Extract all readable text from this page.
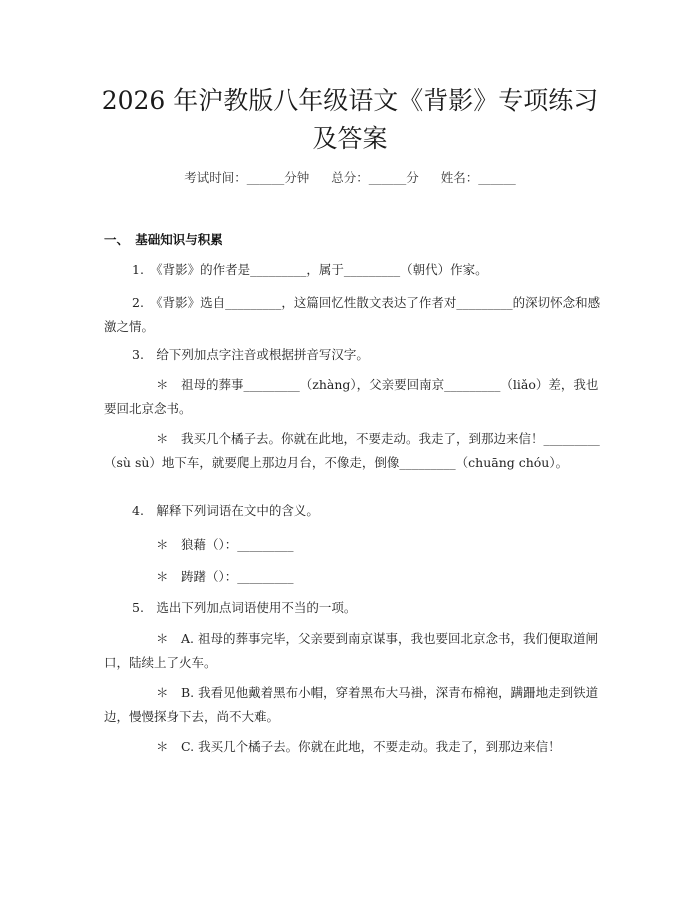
2026 年沪教版八年级语文《背影》专项练习
及答案
考试时间：______分钟 总分：______分 姓名：______
一、　基础知识与积累
1.　《背影》的作者是_________，属于_________（朝代）作家。
2.　《背影》选自_________，这篇回忆性散文表达了作者对_________的深切怀念和感激之情。
3.　给下列加点字注音或根据拼音写汉字。
＊　祖母的葬事_________（zhàng），父亲要回南京_________（liǎo）差，我也要回北京念书。
＊　我买几个橘子去。你就在此地，不要走动。我走了，到那边来信！_________（sù sù）地下车，就要爬上那边月台，不像走，倒像_________（chuāng chóu）。
4.　解释下列词语在文中的含义。
＊　狼藉（）：_________
＊　踌躇（）：_________
5.　选出下列加点词语使用不当的一项。
＊　A. 祖母的葬事完毕，父亲要到南京谋事，我也要回北京念书，我们便取道闸口，陆续上了火车。
＊　B. 我看见他戴着黑布小帽，穿着黑布大马褂，深青布棉袍，蹒跚地走到铁道边，慢慢探身下去，尚不大难。
＊　C. 我买几个橘子去。你就在此地，不要走动。我走了，到那边来信！
